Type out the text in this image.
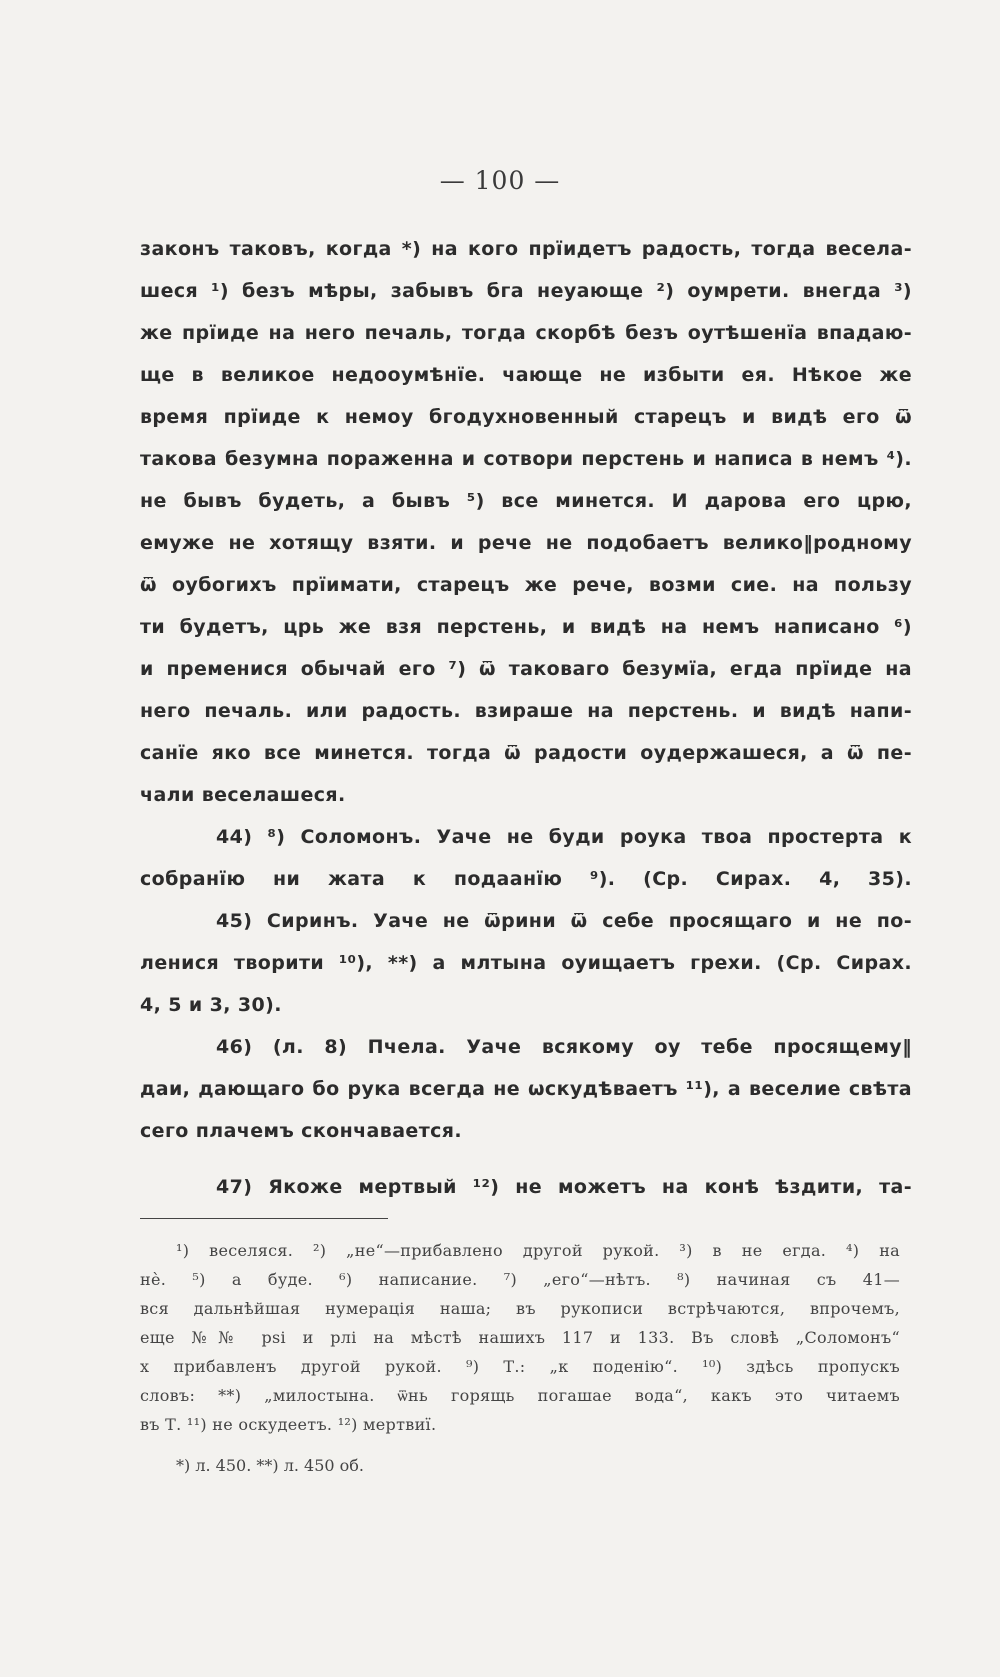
— 100 —
законъ таковъ, когда *) на кого прїидетъ радость, тогда весела-
шеся ¹) безъ мѣры, забывъ бга неуающе ²) оумрети. внегда ³)
же прїиде на него печаль, тогда скорбѣ безъ оутѣшенїа впадаю-
ще в великое недооумѣнїе. чающе не избыти ея. Нѣкое же
время прїиде к немоу бгодухновенный старецъ и видѣ его ѿ
такова безумна пораженна и сотвори перстень и написа в немъ ⁴).
не бывъ будеть, а бывъ ⁵) все минется. И дарова его црю,
емуже не хотящу взяти. и рече не подобаетъ велико‖родному
ѿ оубогихъ прїимати, старецъ же рече, возми сие. на пользу
ти будетъ, црь же взя перстень, и видѣ на немъ написано ⁶)
и пременися обычай его ⁷) ѿ таковаго безумїа, егда прїиде на
него печаль. или радость. взираше на перстень. и видѣ напи-
санїе яко все минется. тогда ѿ радости оудержашеся, а ѿ пе-
чали веселашеся.
44) ⁸) Соломонъ. Уаче не буди роука твоа простерта к
собранїю ни жата к подаанїю ⁹). (Ср. Сирах. 4, 35).
45) Сиринъ. Уаче не ѿрини ѿ себе просящаго и не по-
ленися творити ¹⁰), **) а млтына оуищаетъ грехи. (Ср. Сирах.
4, 5 и 3, 30).
46) (л. 8) Пчела. Уаче всякому оу тебе просящему‖
даи, дающаго бо рука всегда не ѡскудѣваетъ ¹¹), а веселие свѣта
сего плачемъ скончавается.
47) Якоже мертвый ¹²) не можетъ на конѣ ѣздити, та-
¹) веселяся. ²) „не“—прибавлено другой рукой. ³) в не егда. ⁴) на
нѐ. ⁵) а буде. ⁶) написание. ⁷) „его“—нѣтъ. ⁸) начиная съ 41—
вся дальнѣйшая нумерація наша; въ рукописи встрѣчаются, впрочемъ,
еще №№ рѕі и рлі на мѣстѣ нашихъ 117 и 133. Въ словѣ „Соломонъ“
х прибавленъ другой рукой. ⁹) Т.: „к поденію“. ¹⁰) здѣсь пропускъ
словъ: **) „милостына. ѿнь горящь погашае вода“, какъ это читаемъ
въ Т. ¹¹) не оскудеетъ. ¹²) мертвиї.
*) л. 450. **) л. 450 об.
